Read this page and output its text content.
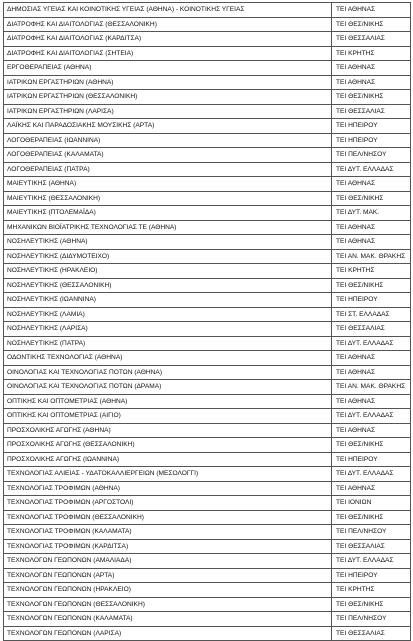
ΔΗΜΟΣΙΑΣ ΥΓΕΙΑΣ ΚΑΙ ΚΟΙΝΟΤΙΚΗΣ ΥΓΕΙΑΣ (ΑΘΗΝΑ) - ΚΟΙΝΟΤΙΚΗΣ ΥΓΕΙΑΣ	ΤΕΙ ΑΘΗΝΑΣ
ΔΙΑΤΡΟΦΗΣ ΚΑΙ ΔΙΑΙΤΟΛΟΓΙΑΣ (ΘΕΣΣΑΛΟΝΙΚΗ)	ΤΕΙ ΘΕΣ/ΝΙΚΗΣ
ΔΙΑΤΡΟΦΗΣ ΚΑΙ ΔΙΑΙΤΟΛΟΓΙΑΣ (ΚΑΡΔΙΤΣΑ)	ΤΕΙ ΘΕΣΣΑΛΙΑΣ
ΔΙΑΤΡΟΦΗΣ ΚΑΙ ΔΙΑΙΤΟΛΟΓΙΑΣ (ΣΗΤΕΙΑ)	ΤΕΙ ΚΡΗΤΗΣ
ΕΡΓΟΘΕΡΑΠΕΙΑΣ (ΑΘΗΝΑ)	ΤΕΙ ΑΘΗΝΑΣ
ΙΑΤΡΙΚΩΝ ΕΡΓΑΣΤΗΡΙΩΝ (ΑΘΗΝΑ)	ΤΕΙ ΑΘΗΝΑΣ
ΙΑΤΡΙΚΩΝ ΕΡΓΑΣΤΗΡΙΩΝ (ΘΕΣΣΑΛΟΝΙΚΗ)	ΤΕΙ ΘΕΣ/ΝΙΚΗΣ
ΙΑΤΡΙΚΩΝ ΕΡΓΑΣΤΗΡΙΩΝ (ΛΑΡΙΣΑ)	ΤΕΙ ΘΕΣΣΑΛΙΑΣ
ΛΑΪΚΗΣ ΚΑΙ ΠΑΡΑΔΟΣΙΑΚΗΣ ΜΟΥΣΙΚΗΣ (ΑΡΤΑ)	ΤΕΙ ΗΠΕΙΡΟΥ
ΛΟΓΟΘΕΡΑΠΕΙΑΣ (ΙΩΑΝΝΙΝΑ)	ΤΕΙ ΗΠΕΙΡΟΥ
ΛΟΓΟΘΕΡΑΠΕΙΑΣ (ΚΑΛΑΜΑΤΑ)	ΤΕΙ ΠΕΛ/ΝΗΣΟΥ
ΛΟΓΟΘΕΡΑΠΕΙΑΣ (ΠΑΤΡΑ)	ΤΕΙ ΔΥΤ. ΕΛΛΑΔΑΣ
ΜΑΙΕΥΤΙΚΗΣ (ΑΘΗΝΑ)	ΤΕΙ ΑΘΗΝΑΣ
ΜΑΙΕΥΤΙΚΗΣ (ΘΕΣΣΑΛΟΝΙΚΗ)	ΤΕΙ ΘΕΣ/ΝΙΚΗΣ
ΜΑΙΕΥΤΙΚΗΣ (ΠΤΟΛΕΜΑΪΔΑ)	ΤΕΙ ΔΥΤ. ΜΑΚ.
ΜΗΧΑΝΙΚΩΝ ΒΙΟΪΑΤΡΙΚΗΣ ΤΕΧΝΟΛΟΓΙΑΣ ΤΕ (ΑΘΗΝΑ)	ΤΕΙ ΑΘΗΝΑΣ
ΝΟΣΗΛΕΥΤΙΚΗΣ (ΑΘΗΝΑ)	ΤΕΙ ΑΘΗΝΑΣ
ΝΟΣΗΛΕΥΤΙΚΗΣ (ΔΙΔΥΜΟΤΕΙΧΟ)	ΤΕΙ ΑΝ. ΜΑΚ. ΘΡΑΚΗΣ
ΝΟΣΗΛΕΥΤΙΚΗΣ (ΗΡΑΚΛΕΙΟ)	ΤΕΙ ΚΡΗΤΗΣ
ΝΟΣΗΛΕΥΤΙΚΗΣ (ΘΕΣΣΑΛΟΝΙΚΗ)	ΤΕΙ ΘΕΣ/ΝΙΚΗΣ
ΝΟΣΗΛΕΥΤΙΚΗΣ (ΙΩΑΝΝΙΝΑ)	ΤΕΙ ΗΠΕΙΡΟΥ
ΝΟΣΗΛΕΥΤΙΚΗΣ (ΛΑΜΙΑ)	ΤΕΙ ΣΤ. ΕΛΛΑΔΑΣ
ΝΟΣΗΛΕΥΤΙΚΗΣ (ΛΑΡΙΣΑ)	ΤΕΙ ΘΕΣΣΑΛΙΑΣ
ΝΟΣΗΛΕΥΤΙΚΗΣ (ΠΑΤΡΑ)	ΤΕΙ ΔΥΤ. ΕΛΛΑΔΑΣ
ΟΔΟΝΤΙΚΗΣ ΤΕΧΝΟΛΟΓΙΑΣ (ΑΘΗΝΑ)	ΤΕΙ ΑΘΗΝΑΣ
ΟΙΝΟΛΟΓΙΑΣ ΚΑΙ ΤΕΧΝΟΛΟΓΙΑΣ ΠΟΤΩΝ (ΑΘΗΝΑ)	ΤΕΙ ΑΘΗΝΑΣ
ΟΙΝΟΛΟΓΙΑΣ ΚΑΙ ΤΕΧΝΟΛΟΓΙΑΣ ΠΟΤΩΝ (ΔΡΑΜΑ)	ΤΕΙ ΑΝ. ΜΑΚ. ΘΡΑΚΗΣ
ΟΠΤΙΚΗΣ ΚΑΙ ΟΠΤΟΜΕΤΡΙΑΣ (ΑΘΗΝΑ)	ΤΕΙ ΑΘΗΝΑΣ
ΟΠΤΙΚΗΣ ΚΑΙ ΟΠΤΟΜΕΤΡΙΑΣ (ΑΙΓΙΟ)	ΤΕΙ ΔΥΤ. ΕΛΛΑΔΑΣ
ΠΡΟΣΧΟΛΙΚΗΣ ΑΓΩΓΗΣ (ΑΘΗΝΑ)	ΤΕΙ ΑΘΗΝΑΣ
ΠΡΟΣΧΟΛΙΚΗΣ ΑΓΩΓΗΣ (ΘΕΣΣΑΛΟΝΙΚΗ)	ΤΕΙ ΘΕΣ/ΝΙΚΗΣ
ΠΡΟΣΧΟΛΙΚΗΣ ΑΓΩΓΗΣ (ΙΩΑΝΝΙΝΑ)	ΤΕΙ ΗΠΕΙΡΟΥ
ΤΕΧΝΟΛΟΓΙΑΣ ΑΛΙΕΙΑΣ - ΥΔΑΤΟΚΑΛΛΙΕΡΓΕΙΩΝ (ΜΕΣΟΛΟΓΓΙ)	ΤΕΙ ΔΥΤ. ΕΛΛΑΔΑΣ
ΤΕΧΝΟΛΟΓΙΑΣ ΤΡΟΦΙΜΩΝ (ΑΘΗΝΑ)	ΤΕΙ ΑΘΗΝΑΣ
ΤΕΧΝΟΛΟΓΙΑΣ ΤΡΟΦΙΜΩΝ (ΑΡΓΟΣΤΟΛΙ)	ΤΕΙ ΙΟΝΙΩΝ
ΤΕΧΝΟΛΟΓΙΑΣ ΤΡΟΦΙΜΩΝ (ΘΕΣΣΑΛΟΝΙΚΗ)	ΤΕΙ ΘΕΣ/ΝΙΚΗΣ
ΤΕΧΝΟΛΟΓΙΑΣ ΤΡΟΦΙΜΩΝ (ΚΑΛΑΜΑΤΑ)	ΤΕΙ ΠΕΛ/ΝΗΣΟΥ
ΤΕΧΝΟΛΟΓΙΑΣ ΤΡΟΦΙΜΩΝ (ΚΑΡΔΙΤΣΑ)	ΤΕΙ ΘΕΣΣΑΛΙΑΣ
ΤΕΧΝΟΛΟΓΩΝ ΓΕΩΠΟΝΩΝ (ΑΜΑΛΙΑΔΑ)	ΤΕΙ ΔΥΤ. ΕΛΛΑΔΑΣ
ΤΕΧΝΟΛΟΓΩΝ ΓΕΩΠΟΝΩΝ (ΑΡΤΑ)	ΤΕΙ ΗΠΕΙΡΟΥ
ΤΕΧΝΟΛΟΓΩΝ ΓΕΩΠΟΝΩΝ (ΗΡΑΚΛΕΙΟ)	ΤΕΙ ΚΡΗΤΗΣ
ΤΕΧΝΟΛΟΓΩΝ ΓΕΩΠΟΝΩΝ (ΘΕΣΣΑΛΟΝΙΚΗ)	ΤΕΙ ΘΕΣ/ΝΙΚΗΣ
ΤΕΧΝΟΛΟΓΩΝ ΓΕΩΠΟΝΩΝ (ΚΑΛΑΜΑΤΑ)	ΤΕΙ ΠΕΛ/ΝΗΣΟΥ
ΤΕΧΝΟΛΟΓΩΝ ΓΕΩΠΟΝΩΝ (ΛΑΡΙΣΑ)	ΤΕΙ ΘΕΣΣΑΛΙΑΣ
